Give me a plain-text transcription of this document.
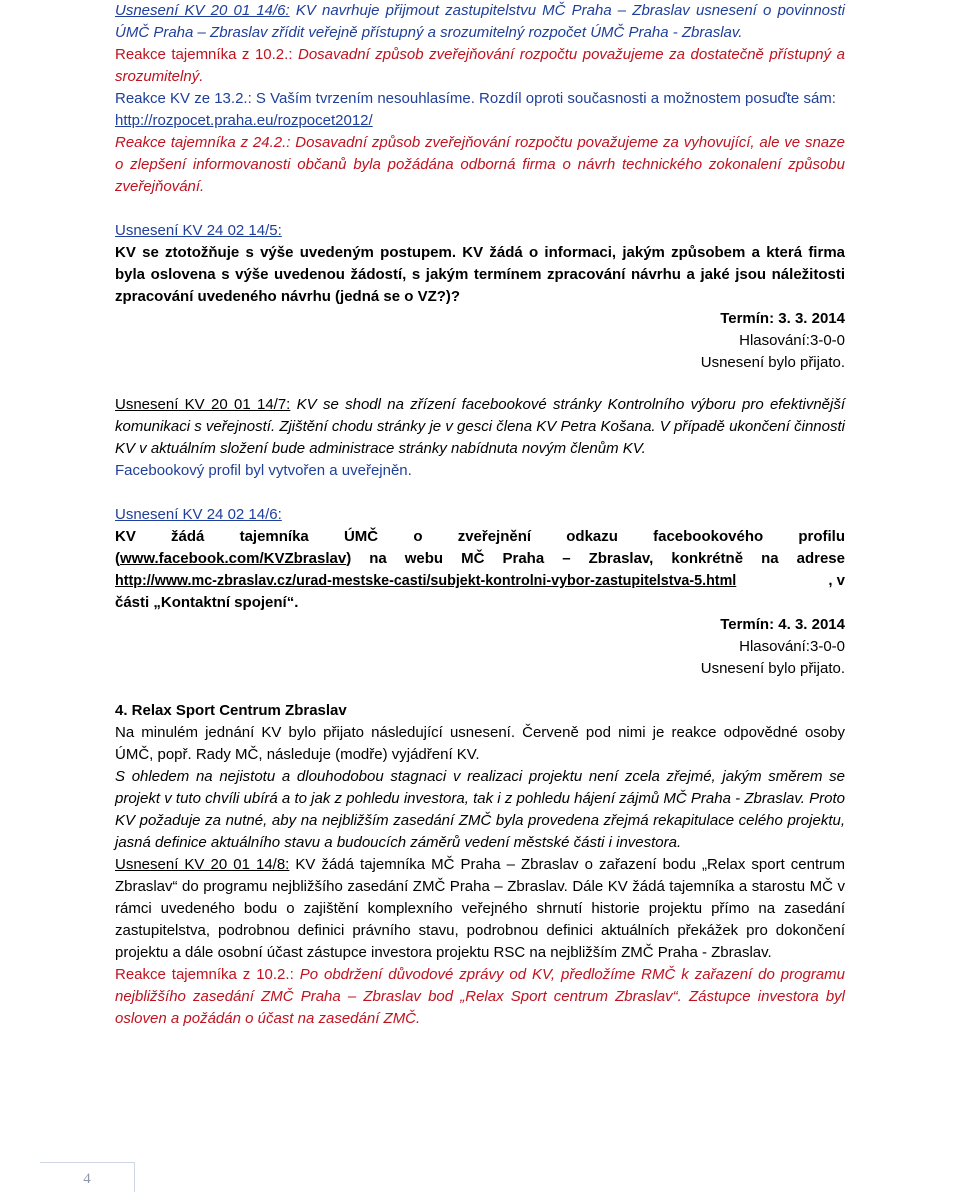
Usnesení KV 20 01 14/6: KV navrhuje přijmout zastupitelstvu MČ Praha – Zbraslav usnesení o povinnosti ÚMČ Praha – Zbraslav zřídit veřejně přístupný a srozumitelný rozpočet ÚMČ Praha - Zbraslav.

Reakce tajemníka z 10.2.: Dosavadní způsob zveřejňování rozpočtu považujeme za dostatečně přístupný a srozumitelný.

Reakce KV ze 13.2.: S Vaším tvrzením nesouhlasíme. Rozdíl oproti současnosti a možnostem posuďte sám: http://rozpocet.praha.eu/rozpocet2012/

Reakce tajemníka z 24.2.: Dosavadní způsob zveřejňování rozpočtu považujeme za vyhovující, ale ve snaze o zlepšení informovanosti občanů byla požádána odborná firma o návrh technického zokonalení způsobu zveřejňování.

Usnesení KV 24 02 14/5:

KV se ztotožňuje s výše uvedeným postupem. KV žádá o informaci, jakým způsobem a která firma byla oslovena s výše uvedenou žádostí, s jakým termínem zpracování návrhu a jaké jsou náležitosti zpracování uvedeného návrhu (jedná se o VZ?)?

Termín: 3. 3. 2014

Hlasování:3-0-0

Usnesení bylo přijato.

Usnesení KV 20 01 14/7: KV se shodl na zřízení facebookové stránky Kontrolního výboru pro efektivnější komunikaci s veřejností. Zjištění chodu stránky je v gesci člena KV Petra Košana. V případě ukončení činnosti KV v aktuálním složení bude administrace stránky nabídnuta novým členům KV.

Facebookový profil byl vytvořen a uveřejněn.

Usnesení KV 24 02 14/6:

KV žádá tajemníka ÚMČ o zveřejnění odkazu facebookového profilu

(www.facebook.com/KVZbraslav) na webu MČ Praha – Zbraslav, konkrétně na adrese

http://www.mc-zbraslav.cz/urad-mestske-casti/subjekt-kontrolni-vybor-zastupitelstva-5.html	, v

části „Kontaktní spojení“.

Termín: 4. 3. 2014

Hlasování:3-0-0

Usnesení bylo přijato.

4. Relax Sport Centrum Zbraslav

Na minulém jednání KV bylo přijato následující usnesení. Červeně pod nimi je reakce odpovědné osoby ÚMČ, popř. Rady MČ, následuje (modře) vyjádření KV.

S ohledem na nejistotu a dlouhodobou stagnaci v realizaci projektu není zcela zřejmé, jakým směrem se projekt v tuto chvíli ubírá a to jak z pohledu investora, tak i z pohledu hájení zájmů MČ Praha - Zbraslav. Proto KV požaduje za nutné, aby na nejbližším zasedání ZMČ byla provedena zřejmá rekapitulace celého projektu, jasná definice aktuálního stavu a budoucích záměrů vedení městské části i investora.

Usnesení KV 20 01 14/8: KV žádá tajemníka MČ Praha – Zbraslav o zařazení bodu „Relax sport centrum Zbraslav“ do programu nejbližšího zasedání ZMČ Praha – Zbraslav. Dále KV žádá tajemníka a starostu MČ v rámci uvedeného bodu o zajištění komplexního veřejného shrnutí historie projektu přímo na zasedání zastupitelstva, podrobnou definici právního stavu, podrobnou definici aktuálních překážek pro dokončení projektu a dále osobní účast zástupce investora projektu RSC na nejbližším ZMČ Praha - Zbraslav.

Reakce tajemníka z 10.2.: Po obdržení důvodové zprávy od KV, předložíme RMČ k zařazení do programu nejbližšího zasedání ZMČ Praha – Zbraslav bod „Relax Sport centrum Zbraslav“. Zástupce investora byl osloven a požádán o účast na zasedání ZMČ.

4
